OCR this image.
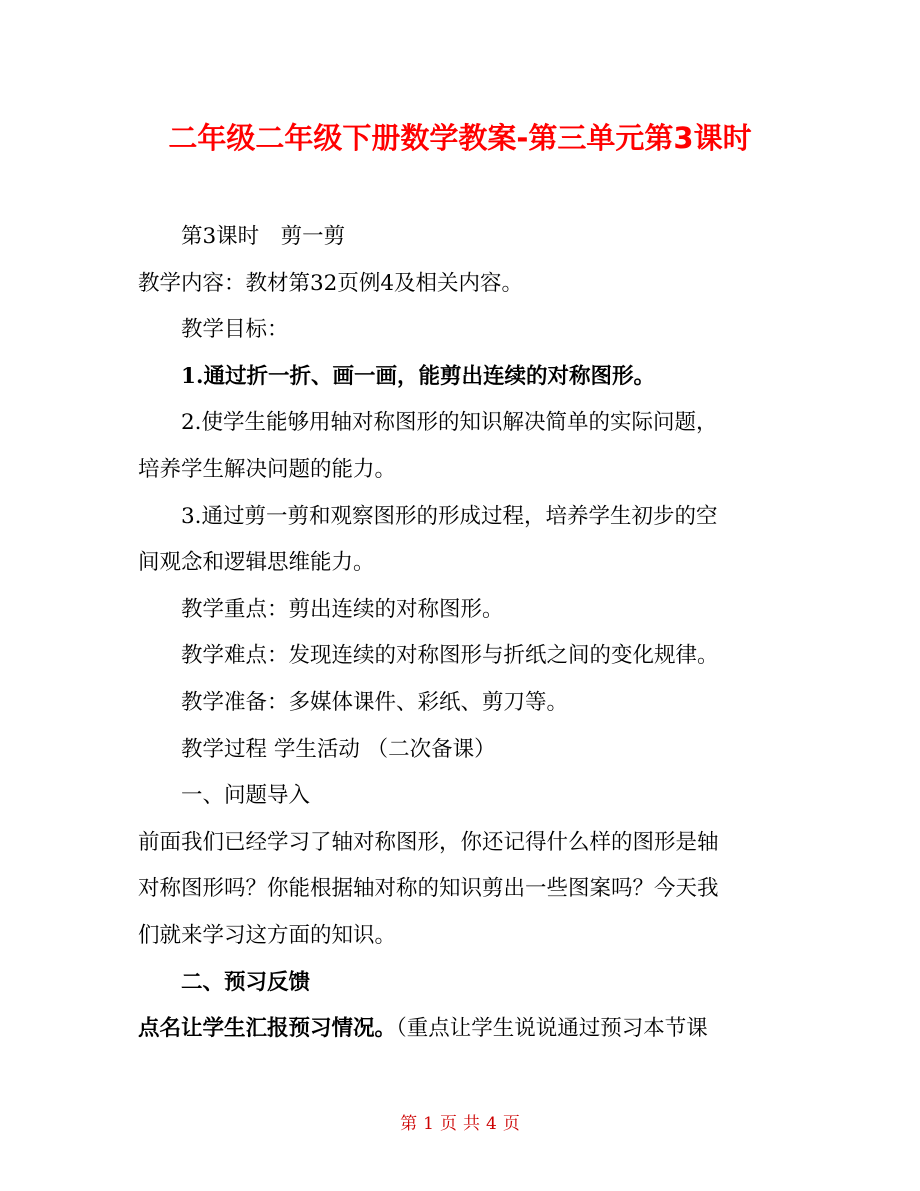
二年级二年级下册数学教案-第三单元第3课时
第3课时　剪一剪
教学内容：教材第32页例4及相关内容。
教学目标：
1.通过折一折、画一画，能剪出连续的对称图形。
2.使学生能够用轴对称图形的知识解决简单的实际问题，
培养学生解决问题的能力。
3.通过剪一剪和观察图形的形成过程，培养学生初步的空
间观念和逻辑思维能力。
教学重点：剪出连续的对称图形。
教学难点：发现连续的对称图形与折纸之间的变化规律。
教学准备：多媒体课件、彩纸、剪刀等。
教学过程 学生活动 （二次备课）
一、问题导入
前面我们已经学习了轴对称图形，你还记得什么样的图形是轴
对称图形吗？你能根据轴对称的知识剪出一些图案吗？今天我
们就来学习这方面的知识。
二、预习反馈
点名让学生汇报预习情况。（重点让学生说说通过预习本节课
第 1 页 共 4 页
